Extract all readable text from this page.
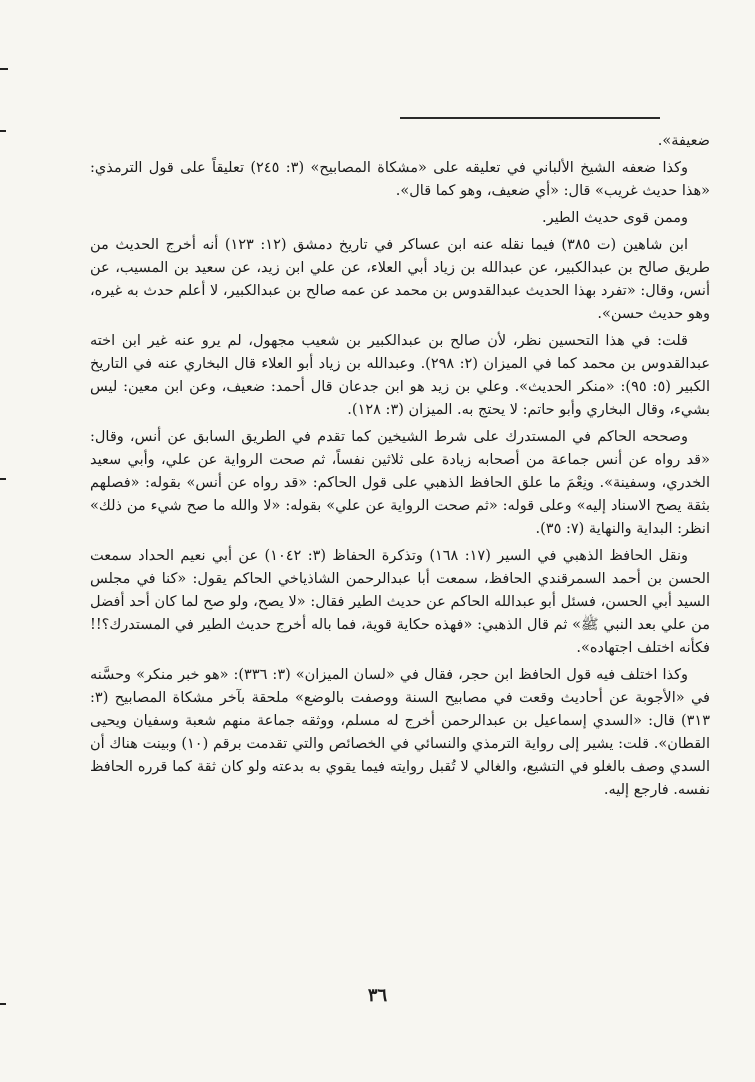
ضعيفة».

وكذا ضعفه الشيخ الألباني في تعليقه على «مشكاة المصابيح» (٣: ٢٤٥) تعليقاً على قول الترمذي: «هذا حديث غريب» قال: «أي ضعيف، وهو كما قال».

وممن قوى حديث الطير.

ابن شاهين (ت ٣٨٥) فيما نقله عنه ابن عساكر في تاريخ دمشق (١٢: ١٢٣) أنه أخرج الحديث من طريق صالح بن عبدالكبير، عن عبدالله بن زياد أبي العلاء، عن علي ابن زيد، عن سعيد بن المسيب، عن أنس، وقال: «تفرد بهذا الحديث عبدالقدوس بن محمد عن عمه صالح بن عبدالكبير، لا أعلم حدث به غيره، وهو حديث حسن».

قلت: في هذا التحسين نظر، لأن صالح بن عبدالكبير بن شعيب مجهول، لم يرو عنه غير ابن اخته عبدالقدوس بن محمد كما في الميزان (٢: ٢٩٨). وعبدالله بن زياد أبو العلاء قال البخاري عنه في التاريخ الكبير (٥: ٩٥): «منكر الحديث». وعلي بن زيد هو ابن جدعان قال أحمد: ضعيف، وعن ابن معين: ليس بشيء، وقال البخاري وأبو حاتم: لا يحتج به. الميزان (٣: ١٢٨).

وصححه الحاكم في المستدرك على شرط الشيخين كما تقدم في الطريق السابق عن أنس، وقال: «قد رواه عن أنس جماعة من أصحابه زيادة على ثلاثين نفساً، ثم صحت الرواية عن علي، وأبي سعيد الخدري، وسفينة». ونِعْمَ ما علق الحافظ الذهبي على قول الحاكم: «قد رواه عن أنس» بقوله: «فصلهم بثقة يصح الاسناد إليه» وعلى قوله: «ثم صحت الرواية عن علي» بقوله: «لا والله ما صح شيء من ذلك» انظر: البداية والنهاية (٧: ٣٥).

ونقل الحافظ الذهبي في السير (١٧: ١٦٨) وتذكرة الحفاظ (٣: ١٠٤٢) عن أبي نعيم الحداد سمعت الحسن بن أحمد السمرقندي الحافظ، سمعت أبا عبدالرحمن الشاذياخي الحاكم يقول: «كنا في مجلس السيد أبي الحسن، فسئل أبو عبدالله الحاكم عن حديث الطير فقال: «لا يصح، ولو صح لما كان أحد أفضل من علي بعد النبي ﷺ» ثم قال الذهبي: «فهذه حكاية قوية، فما باله أخرج حديث الطير في المستدرك؟!! فكأنه اختلف اجتهاده».

وكذا اختلف فيه قول الحافظ ابن حجر، فقال في «لسان الميزان» (٣: ٣٣٦): «هو خبر منكر» وحسَّنه في «الأجوبة عن أحاديث وقعت في مصابيح السنة ووصفت بالوضع» ملحقة بآخر مشكاة المصابيح (٣: ٣١٣) قال: «السدي إسماعيل بن عبدالرحمن أخرج له مسلم، ووثقه جماعة منهم شعبة وسفيان ويحيى القطان». قلت: يشير إلى رواية الترمذي والنسائي في الخصائص والتي تقدمت برقم (١٠) وبينت هناك أن السدي وصف بالغلو في التشيع، والغالي لا تُقبل روايته فيما يقوي به بدعته ولو كان ثقة كما قرره الحافظ نفسه. فارجع إليه.

٣٦
